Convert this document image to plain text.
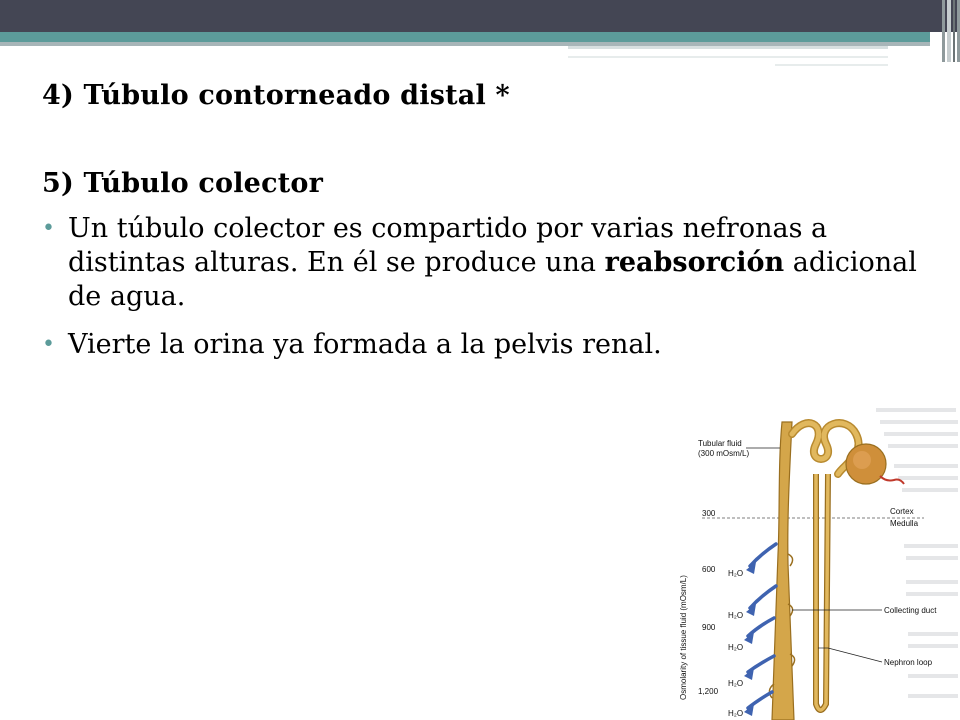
4) Túbulo contorneado distal *

5) Túbulo colector

• Un túbulo colector es compartido por varias nefronas a distintas alturas. En él se produce una reabsorción adicional de agua.
• Vierte la orina ya formada a la pelvis renal.
H₂O
H₂O
H₂O
H₂O
H₂O
300
600
900
1,200
Osmolarity of tissue fluid (mOsm/L)
Tubular fluid
(300 mOsm/L)
Cortex
Medulla
Collecting duct
Nephron loop
